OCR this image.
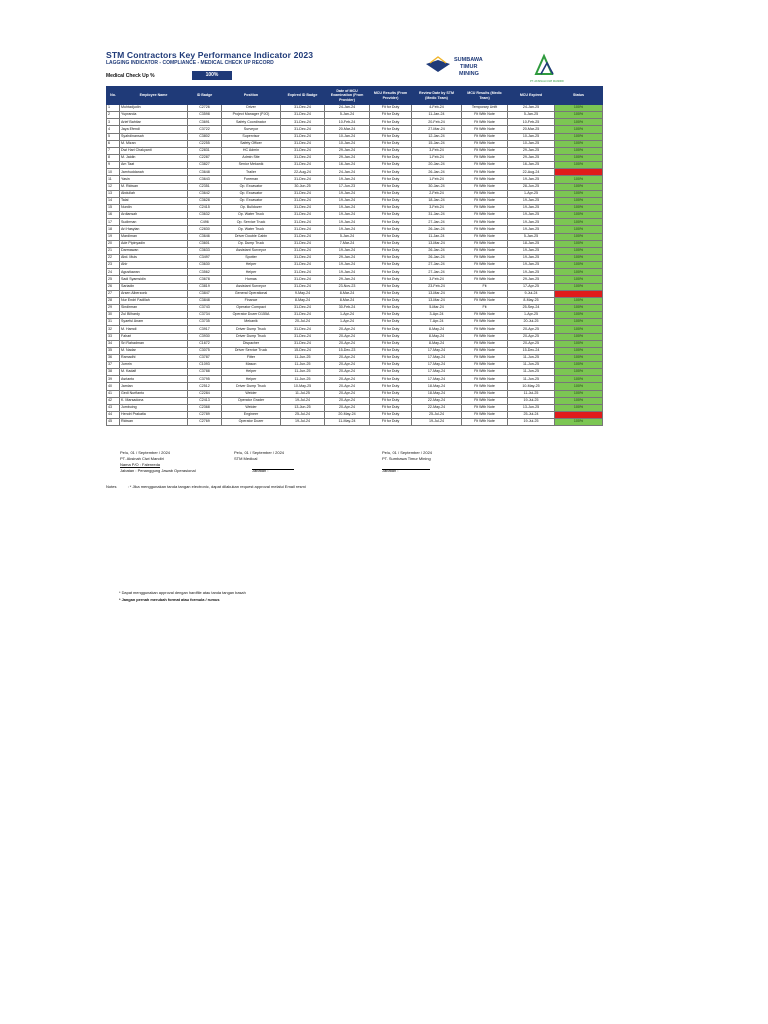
STM Contractors Key Performance Indicator 2023
LAGGING INDICATOR - COMPLIANCE - MEDICAL CHECK UP RECORD
Medical Check Up %	100%
SUMBAWA
TIMUR
MINING
PT. AKSINAH CIWI MANDIRI
No.	Employee Name	ID Badge	Position	Expired ID Badge	Date of MCU Examination (From Provider)	MCU Results (From Provider)	Review Date by STM (Medic Team)	MCU Results (Medic Team)	MCU Expired	Status
1	Muhtadjudin	C2726	Driver	31-Dec-24	24-Jan-24	Fit for Duty	4-Feb-24	Temporary Unfit	24-Jan-25	100%
2	Yupranda	C3598	Project Manager (PJO)	31-Dec-24	5-Jan-24	Fit for Duty	11-Jan-24	Fit With Note	5-Jan-25	100%
3	Arief Bahtiar	C3691	Safety Coordinator	31-Dec-24	10-Feb-24	Fit for Duty	20-Feb-24	Fit With Note	10-Feb-25	100%
4	Jaya Efendi	C3722	Surveyor	31-Dec-24	20-Mar-24	Fit for Duty	27-Mar-24	Fit With Note	20-Mar-25	100%
5	Syahdinansah	C3802	Supervisor	31-Dec-24	10-Jan-24	Fit for Duty	12-Jan-24	Fit With Note	10-Jan-25	100%
6	M. Mizan	C2255	Safety Officer	31-Dec-24	10-Jan-24	Fit for Duty	15-Jan-24	Fit With Note	10-Jan-25	100%
7	Dwi Hari Chakyanti	C2831	HC Admin	31-Dec-24	29-Jan-24	Fit for Duty	3-Feb-24	Fit With Note	29-Jan-25	100%
8	M. Jaidin	C2287	Admin Site	31-Dec-24	29-Jan-24	Fit for Duty	1-Feb-24	Fit With Note	29-Jan-25	100%
9	Am Taat	C3827	Senior Mekanik	31-Dec-24	16-Jan-24	Fit for Duty	20-Jan-24	Fit With Note	16-Jan-25	100%
10	Jamhuddanah	C3648	Trailer	22-Aug-24	24-Jan-24	Fit for Duty	26-Jan-24	Fit With Note	22-Aug-24	
11	Yasin	C3643	Foreman	31-Dec-24	19-Jan-24	Fit for Duty	1-Feb-24	Fit With Note	19-Jan-25	100%
12	M. Ridwan	C2351	Op. Excavator	30-Jun-25	17-Jun-23	Fit for Duty	30-Jan-24	Fit With Note	28-Jun-25	100%
13	Abdullah	C3642	Op. Excavator	31-Dec-24	19-Jan-24	Fit for Duty	2-Feb-24	Fit With Note	1-Apr-25	100%
14	Talal	C3628	Op. Excavator	31-Dec-24	19-Jan-24	Fit for Duty	18-Jan-24	Fit With Note	19-Jan-25	100%
15	Nurdin	C2415	Op. Bulldozer	31-Dec-24	19-Jan-24	Fit for Duty	3-Feb-24	Fit With Note	19-Jan-25	100%
16	Ardiansah	C3632	Op. Water Truck	31-Dec-24	19-Jan-24	Fit for Duty	31-Jan-24	Fit With Note	19-Jan-25	100%
17	Sudirman	C496	Op. Service Truck	31-Dec-24	19-Jan-24	Fit for Duty	27-Jan-24	Fit With Note	19-Jan-25	100%
18	Ari Hasyian	C2830	Op. Water Truck	31-Dec-24	19-Jan-24	Fit for Duty	26-Jan-24	Fit With Note	19-Jan-25	100%
19	Mardiman	C3646	Driver Double Cabin	31-Dec-24	5-Jan-24	Fit for Duty	11-Jan-24	Fit With Note	5-Jan-25	100%
20	Ade Pipinyadin	C3601	Op. Dump Truck	31-Dec-24	7-Mar-24	Fit for Duty	13-Mar-24	Fit With Note	18-Jan-25	100%
21	Darmawan	C3633	Assistant Surveyor	31-Dec-24	19-Jan-24	Fit for Duty	26-Jan-24	Fit With Note	19-Jan-25	100%
22	Abd. Muis	C3497	Spotter	31-Dec-24	29-Jan-24	Fit for Duty	26-Jan-24	Fit With Note	19-Jan-25	100%
23	Ahir	C3630	Helper	31-Dec-24	19-Jan-24	Fit for Duty	27-Jan-24	Fit With Note	19-Jan-25	100%
24	Agustiawan	C3562	Helper	31-Dec-24	19-Jan-24	Fit for Duty	27-Jan-24	Fit With Note	19-Jan-25	100%
25	Sadi Syamsidin	C3678	Humas	31-Dec-24	29-Jan-24	Fit for Duty	3-Feb-24	Fit With Note	29-Jan-25	100%
26	Sariadin	C3819	Assistant Surveyor	31-Dec-24	23-Nov-23	Fit for Duty	23-Feb-24	Fit	17-Apr-25	100%
27	Arsen Alberzonk	C3847	General Operational	9-May-24	8-Mar-24	Fit for Duty	13-Mar-24	Fit With Note	9-Jul-24	
28	Nur Endri Fadillah	C3848	Finance	8-May-24	8-Mar-24	Fit for Duty	13-Mar-24	Fit With Note	8-May-25	100%
29	Sindirman	C3743	Operator Compact	31-Dec-24	30-Feb-24	Fit for Duty	5-Mar-24	Fit	25-Sep-24	100%
30	Zul Bilhardy	C3734	Operator Dozer D155A	31-Dec-24	1-Apr-24	Fit for Duty	3-Apr-24	Fit With Note	1-Apr-25	100%
31	Syaeful Anam	C3735	Mekanik	20-Jul-24	1-Apr-24	Fit for Duty	7-Apr-24	Fit With Note	20-Jul-25	100%
32	M. Hamdi	C3917	Driver Dump Truck	31-Dec-24	20-Apr-24	Fit for Duty	8-May-24	Fit With Note	20-Apr-25	100%
33	Fahari	C3930	Driver Dump Truck	31-Dec-24	20-Apr-24	Fit for Duty	8-May-24	Fit With Note	20-Apr-25	100%
34	Sri Rahadman	C1672	Dispacher	31-Dec-24	20-Apr-24	Fit for Duty	8-May-24	Fit With Note	20-Apr-25	100%
35	M. Nadar	C3075	Driver Service Truck	15-Dec-24	15-Dec-23	Fit for Duty	17-May-24	Fit With Note	15-Dec-24	100%
36	Ramadhi	C3787	Fitter	11-Jun-25	20-Apr-24	Fit for Duty	17-May-24	Fit With Note	11-Jun-25	100%
37	Jumrin	C1093	Mason	11-Jun-25	20-Apr-24	Fit for Duty	17-May-24	Fit With Note	11-Jun-25	100%
38	M. Kadafi	C3788	Helper	11-Jun-25	20-Apr-24	Fit for Duty	17-May-24	Fit With Note	11-Jun-25	100%
39	Asrianto	C3795	Helper	11-Jun-25	20-Apr-24	Fit for Duty	17-May-24	Fit With Note	11-Jun-25	100%
40	Jamlan	C2512	Driver Dump Truck	10-May-25	20-Apr-24	Fit for Duty	18-May-24	Fit With Note	10-May-25	100%
41	Gedi Nurfianto	C2284	Welder	11-Jul-25	20-Apr-24	Fit for Duty	18-May-24	Fit With Note	11-Jul-25	100%
42	K. Marsadona	C2413	Operator Grader	19-Jul-24	20-Apr-24	Fit for Duty	22-May-24	Fit With Note	19-Jul-25	100%
43	Jumbuing	C2368	Welder	13-Jun-25	20-Apr-24	Fit for Duty	22-May-24	Fit With Note	13-Jun-25	100%
44	Hendri Prakatia	C2789	Engineer	25-Jul-24	20-May-24	Fit for Duty	25-Jul-24	Fit With Note	25-Jul-24	
45	Ridwan	C2769	Operator Dozer	19-Jul-24	11-May-24	Fit for Duty	19-Jul-24	Fit With Note	19-Jul-25	100%
Pe/u, 01 / September / 2024
PT. Aksinah Ciwi Mandiri
Pe/u, 01 / September / 2024
STM Medical
Pe/u, 01 / September / 2024
PT. Sumbawa Timur Mining
Nama P/O : Falenreda
Jabatan : Penanggung Jawab Operasional	Jabatan :	Jabatan :
Notes	: * Jika menggunakan tanda tangan electronic, dapat dilakukan request approval melalui Email resmi
* Dapat menggunakan approval dengan hardfile atau tanda tangan basah
* Jangan pernah merubah format atau formula / rumus
